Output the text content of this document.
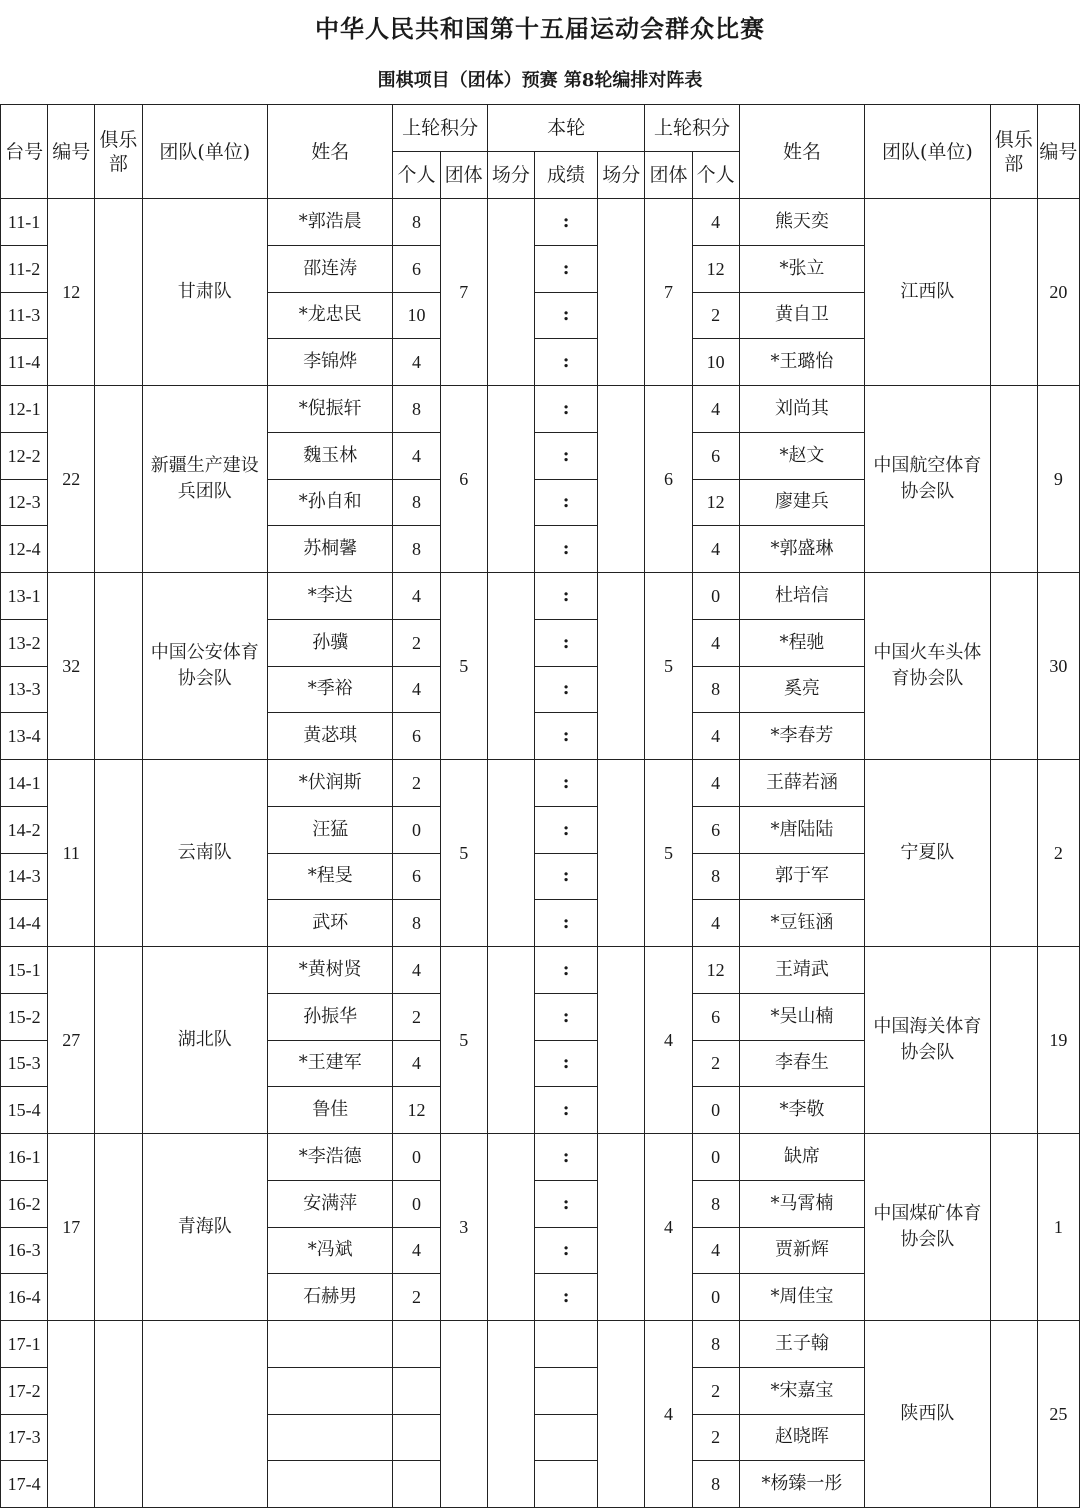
中华人民共和国第十五届运动会群众比赛
围棋项目（团体）预赛 第8轮编排对阵表
台号	编号	俱乐部	团队(单位)	姓名	上轮积分		本轮			上轮积分		姓名	团队(单位)	俱乐部	编号
					个人	团体	场分	成绩	场分	团体	个人				
11-1	12		甘肃队	*郭浩晨	8	7		:		7	4	熊天奕	江西队		20
11-2				邵连涛	6			:			12	*张立			
11-3				*龙忠民	10			:			2	黄自卫			
11-4				李锦烨	4			:			10	*王璐怡			
12-1	22		新疆生产建设兵团队	*倪振轩	8	6		:		6	4	刘尚其	中国航空体育协会队		9
12-2				魏玉林	4			:			6	*赵文			
12-3				*孙自和	8			:			12	廖建兵			
12-4				苏桐馨	8			:			4	*郭盛琳			
13-1	32		中国公安体育协会队	*李达	4	5		:		5	0	杜培信	中国火车头体育协会队		30
13-2				孙骥	2			:			4	*程驰			
13-3				*季裕	4			:			8	奚亮			
13-4				黄苾琪	6			:			4	*李春芳			
14-1	11		云南队	*伏润斯	2	5		:		5	4	王薛若涵	宁夏队		2
14-2				汪猛	0			:			6	*唐陆陆			
14-3				*程旻	6			:			8	郭于军			
14-4				武环	8			:			4	*豆钰涵			
15-1	27		湖北队	*黄树贤	4	5		:		4	12	王靖武	中国海关体育协会队		19
15-2				孙振华	2			:			6	*吴山楠			
15-3				*王建军	4			:			2	李春生			
15-4				鲁佳	12			:			0	*李敬			
16-1	17		青海队	*李浩德	0	3		:		4	0	缺席	中国煤矿体育协会队		1
16-2				安满萍	0			:			8	*马霄楠			
16-3				*冯斌	4			:			4	贾新辉			
16-4				石赫男	2			:			0	*周佳宝			
17-1										4	8	王子翰	陕西队		25
17-2											2	*宋嘉宝			
17-3											2	赵晓晖			
17-4											8	*杨臻一彤			
